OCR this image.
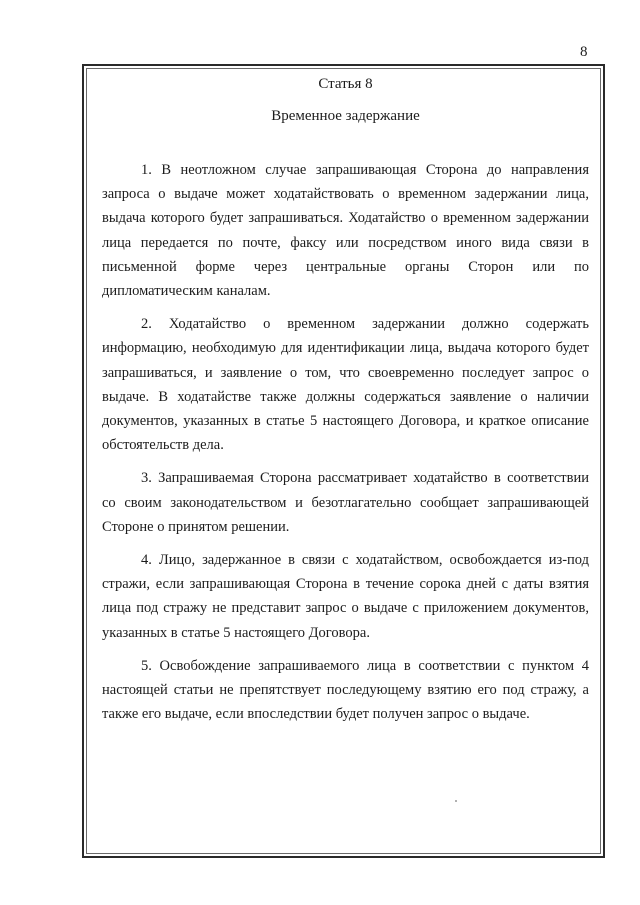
8

Статья 8

Временное задержание

1. В неотложном случае запрашивающая Сторона до направления запроса о выдаче может ходатайствовать о временном задержании лица, выдача которого будет запрашиваться. Ходатайство о временном задержании лица передается по почте, факсу или посредством иного вида связи в письменной форме через центральные органы Сторон или по дипломатическим каналам.

2. Ходатайство о временном задержании должно содержать информацию, необходимую для идентификации лица, выдача которого будет запрашиваться, и заявление о том, что своевременно последует запрос о выдаче. В ходатайстве также должны содержаться заявление о наличии документов, указанных в статье 5 настоящего Договора, и краткое описание обстоятельств дела.

3. Запрашиваемая Сторона рассматривает ходатайство в соответствии со своим законодательством и безотлагательно сообщает запрашивающей Стороне о принятом решении.

4. Лицо, задержанное в связи с ходатайством, освобождается из-под стражи, если запрашивающая Сторона в течение сорока дней с даты взятия лица под стражу не представит запрос о выдаче с приложением документов, указанных в статье 5 настоящего Договора.

5. Освобождение запрашиваемого лица в соответствии с пунктом 4 настоящей статьи не препятствует последующему взятию его под стражу, а также его выдаче, если впоследствии будет получен запрос о выдаче.
